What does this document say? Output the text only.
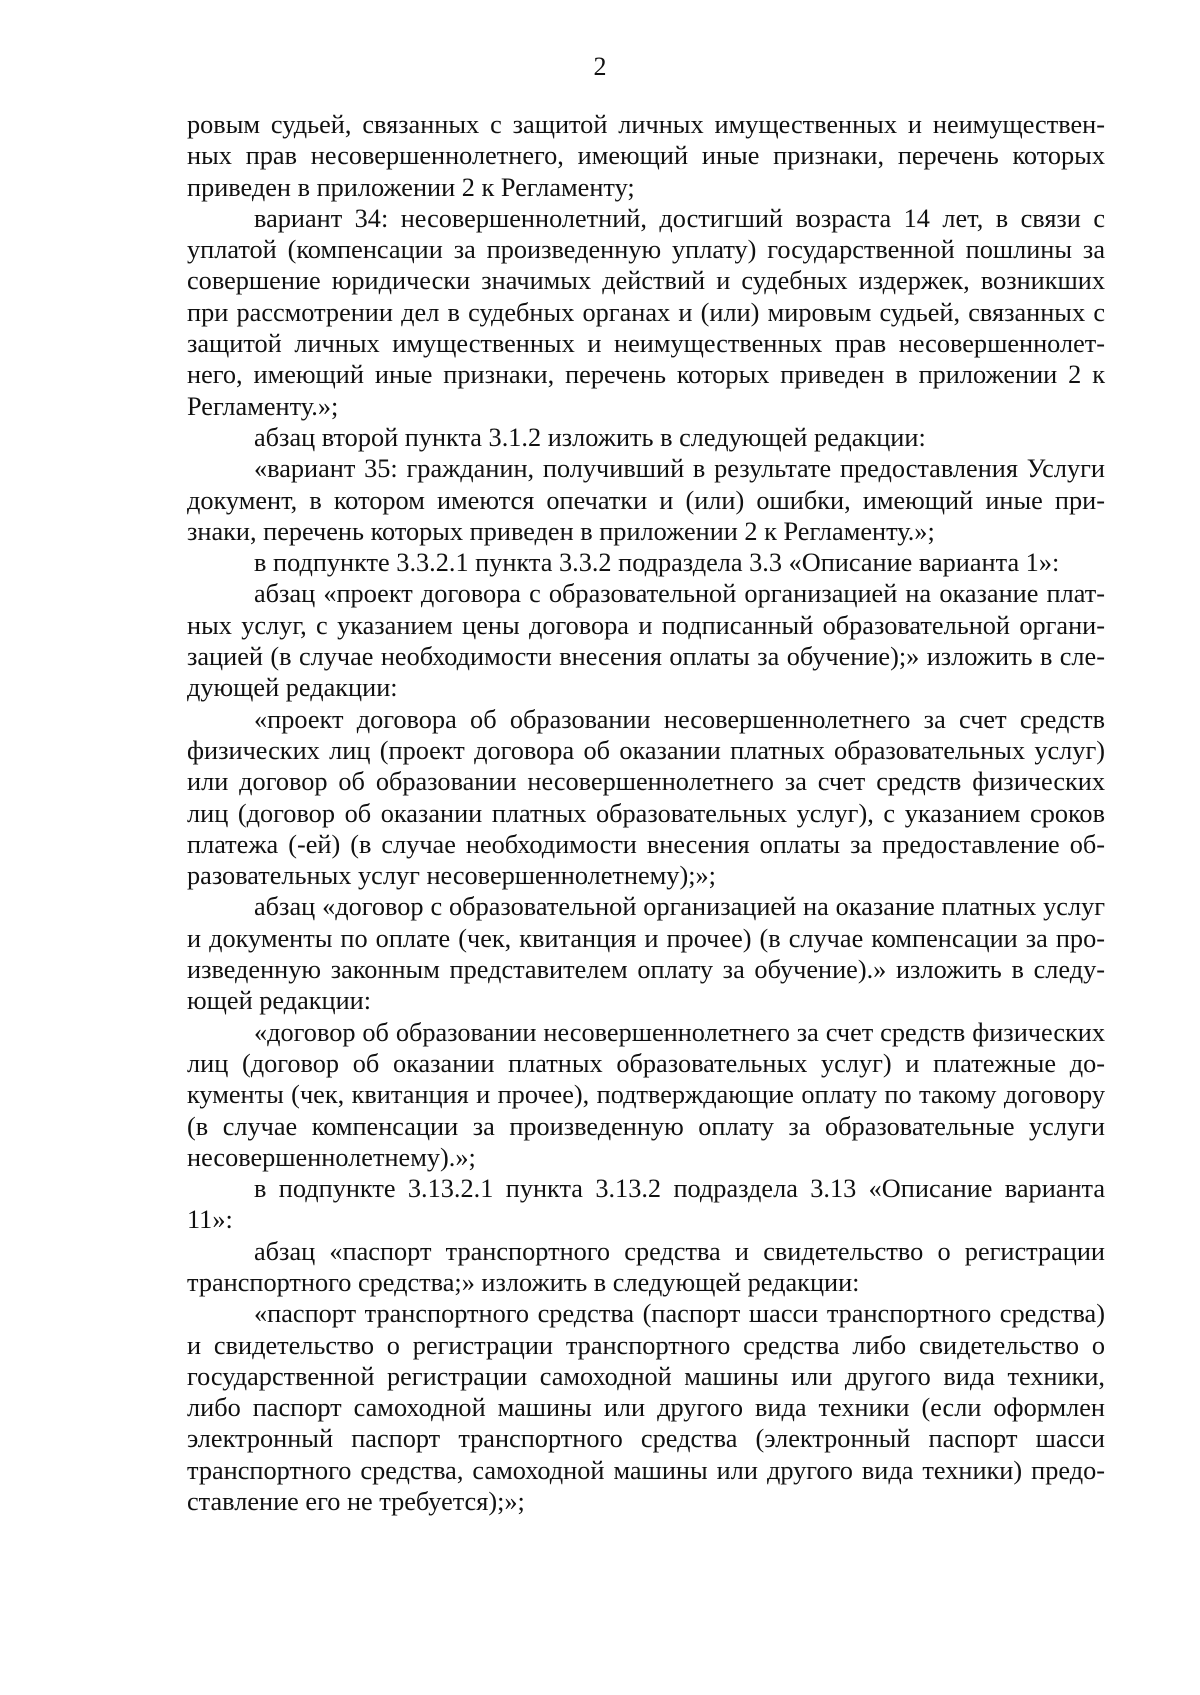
2

ровым судьей, связанных с защитой личных имущественных и неимущественных прав несовершеннолетнего, имеющий иные признаки, перечень которых приведен в приложении 2 к Регламенту;

вариант 34: несовершеннолетний, достигший возраста 14 лет, в связи с уплатой (компенсации за произведенную уплату) государственной пошлины за совершение юридически значимых действий и судебных издержек, возникших при рассмотрении дел в судебных органах и (или) мировым судьей, связанных с защитой личных имущественных и неимущественных прав несовершеннолетнего, имеющий иные признаки, перечень которых приведен в приложении 2 к Регламенту.»;

абзац второй пункта 3.1.2 изложить в следующей редакции:

«вариант 35: гражданин, получивший в результате предоставления Услуги документ, в котором имеются опечатки и (или) ошибки, имеющий иные признаки, перечень которых приведен в приложении 2 к Регламенту.»;

в подпункте 3.3.2.1 пункта 3.3.2 подраздела 3.3 «Описание варианта 1»:

абзац «проект договора с образовательной организацией на оказание платных услуг, с указанием цены договора и подписанный образовательной организацией (в случае необходимости внесения оплаты за обучение);» изложить в следующей редакции:

«проект договора об образовании несовершеннолетнего за счет средств физических лиц (проект договора об оказании платных образовательных услуг) или договор об образовании несовершеннолетнего за счет средств физических лиц (договор об оказании платных образовательных услуг), с указанием сроков платежа (-ей) (в случае необходимости внесения оплаты за предоставление образовательных услуг несовершеннолетнему);»;

абзац «договор с образовательной организацией на оказание платных услуг и документы по оплате (чек, квитанция и прочее) (в случае компенсации за произведенную законным представителем оплату за обучение).» изложить в следующей редакции:

«договор об образовании несовершеннолетнего за счет средств физических лиц (договор об оказании платных образовательных услуг) и платежные документы (чек, квитанция и прочее), подтверждающие оплату по такому договору (в случае компенсации за произведенную оплату за образовательные услуги несовершеннолетнему).»;

в подпункте 3.13.2.1 пункта 3.13.2 подраздела 3.13 «Описание варианта 11»:

абзац «паспорт транспортного средства и свидетельство о регистрации транспортного средства;» изложить в следующей редакции:

«паспорт транспортного средства (паспорт шасси транспортного средства) и свидетельство о регистрации транспортного средства либо свидетельство о государственной регистрации самоходной машины или другого вида техники, либо паспорт самоходной машины или другого вида техники (если оформлен электронный паспорт транспортного средства (электронный паспорт шасси транспортного средства, самоходной машины или другого вида техники) предоставление его не требуется);»;
